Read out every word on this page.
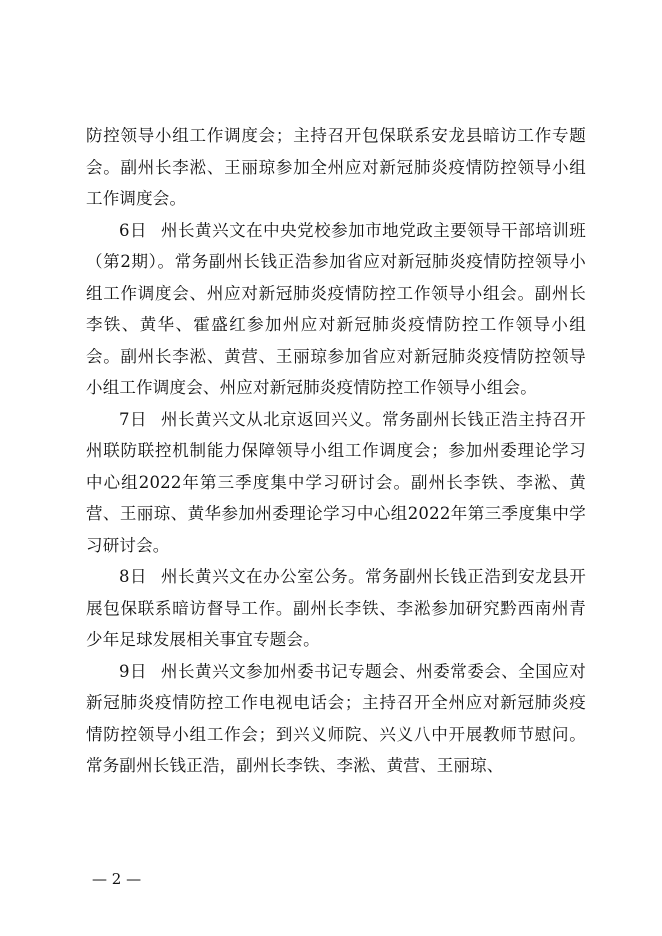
防控领导小组工作调度会；主持召开包保联系安龙县暗访工作专题会。副州长李淞、王丽琼参加全州应对新冠肺炎疫情防控领导小组工作调度会。

6日 州长黄兴文在中央党校参加市地党政主要领导干部培训班（第2期）。常务副州长钱正浩参加省应对新冠肺炎疫情防控领导小组工作调度会、州应对新冠肺炎疫情防控工作领导小组会。副州长李铁、黄华、霍盛红参加州应对新冠肺炎疫情防控工作领导小组会。副州长李淞、黄营、王丽琼参加省应对新冠肺炎疫情防控领导小组工作调度会、州应对新冠肺炎疫情防控工作领导小组会。

7日 州长黄兴文从北京返回兴义。常务副州长钱正浩主持召开州联防联控机制能力保障领导小组工作调度会；参加州委理论学习中心组2022年第三季度集中学习研讨会。副州长李铁、李淞、黄营、王丽琼、黄华参加州委理论学习中心组2022年第三季度集中学习研讨会。

8日 州长黄兴文在办公室公务。常务副州长钱正浩到安龙县开展包保联系暗访督导工作。副州长李铁、李淞参加研究黔西南州青少年足球发展相关事宜专题会。

9日 州长黄兴文参加州委书记专题会、州委常委会、全国应对新冠肺炎疫情防控工作电视电话会；主持召开全州应对新冠肺炎疫情防控领导小组工作会；到兴义师院、兴义八中开展教师节慰问。常务副州长钱正浩，副州长李铁、李淞、黄营、王丽琼、

— 2 —
